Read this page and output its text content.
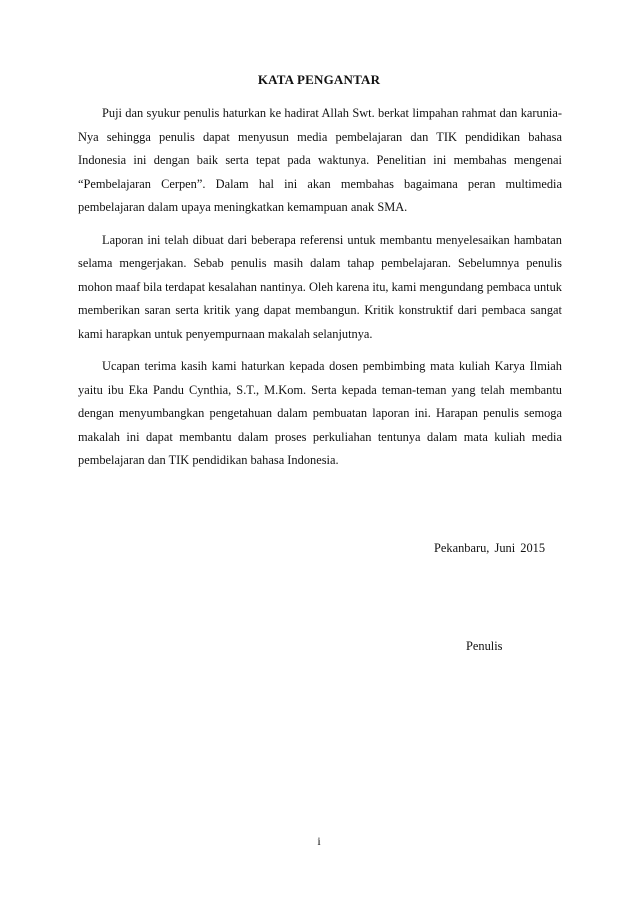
KATA PENGANTAR

Puji dan syukur penulis haturkan ke hadirat Allah Swt. berkat limpahan rahmat dan karunia-Nya sehingga penulis dapat menyusun media pembelajaran dan TIK pendidikan bahasa Indonesia ini dengan baik serta tepat pada waktunya. Penelitian ini membahas mengenai “Pembelajaran Cerpen”. Dalam hal ini akan membahas bagaimana peran multimedia pembelajaran dalam upaya meningkatkan kemampuan anak SMA.

Laporan ini telah dibuat dari beberapa referensi untuk membantu menyelesaikan hambatan selama mengerjakan. Sebab penulis masih dalam tahap pembelajaran. Sebelumnya penulis mohon maaf bila terdapat kesalahan nantinya. Oleh karena itu, kami mengundang pembaca untuk memberikan saran serta kritik yang dapat membangun. Kritik konstruktif dari pembaca sangat kami harapkan untuk penyempurnaan makalah selanjutnya.

Ucapan terima kasih kami haturkan kepada dosen pembimbing mata kuliah Karya Ilmiah yaitu ibu Eka Pandu Cynthia, S.T., M.Kom. Serta kepada teman-teman yang telah membantu dengan menyumbangkan pengetahuan dalam pembuatan laporan ini. Harapan penulis semoga makalah ini dapat membantu dalam proses perkuliahan tentunya dalam mata kuliah media pembelajaran dan TIK pendidikan bahasa Indonesia.

Pekanbaru, Juni 2015
Penulis
i
